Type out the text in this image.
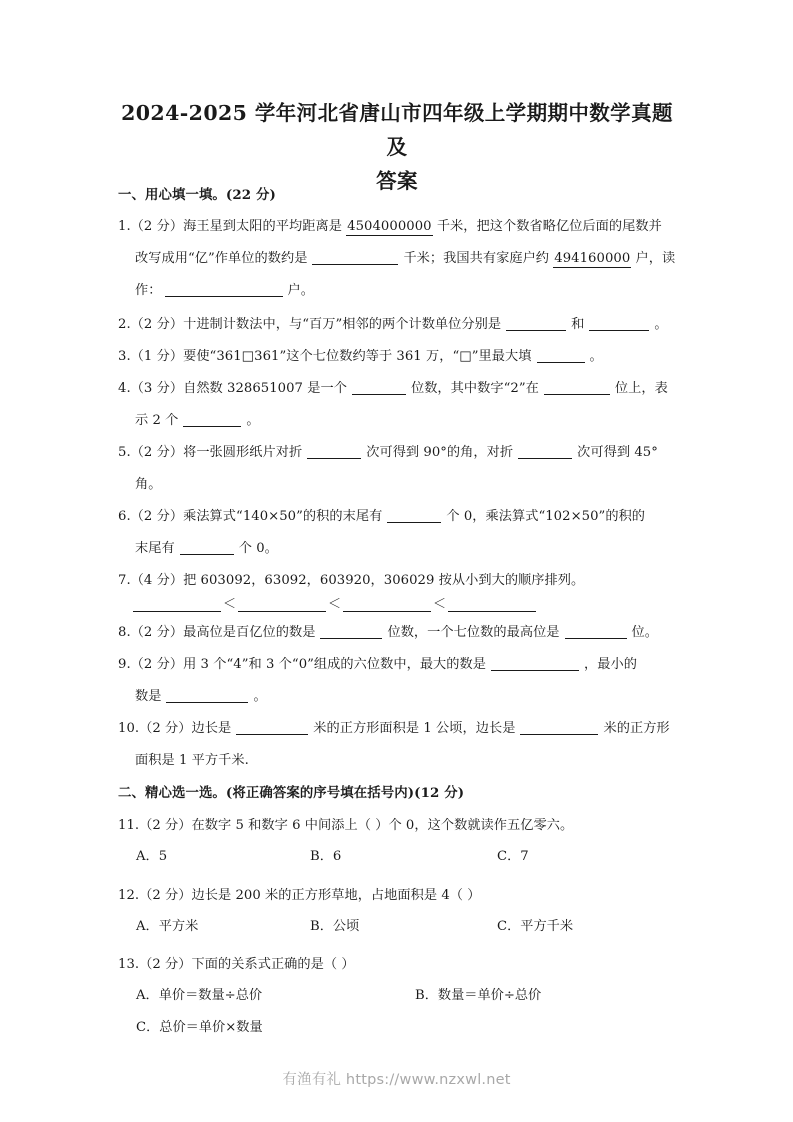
2024-2025 学年河北省唐山市四年级上学期期中数学真题及
答案
一、用心填一填。(22 分)
1.（2 分）海王星到太阳的平均距离是 4504000000 千米，把这个数省略亿位后面的尾数并
改写成用“亿”作单位的数约是	千米；我国共有家庭户约 494160000 户，读
作：	户。
2.（2 分）十进制计数法中，与“百万”相邻的两个计数单位分别是	和	。
3.（1 分）要使“361□361”这个七位数约等于 361 万，“□”里最大填	。
4.（3 分）自然数 328651007 是一个	位数，其中数字“2”在	位上，表
示 2 个	。
5.（2 分）将一张圆形纸片对折	次可得到 90°的角，对折	次可得到 45°
角。
6.（2 分）乘法算式“140×50”的积的末尾有	个 0，乘法算式“102×50”的积的
末尾有	个 0。
7.（4 分）把 603092，63092，603920，306029 按从小到大的顺序排列。
＜	＜	＜
8.（2 分）最高位是百亿位的数是	位数，一个七位数的最高位是	位。
9.（2 分）用 3 个“4”和 3 个“0”组成的六位数中，最大的数是	，最小的
数是	。
10.（2 分）边长是	米的正方形面积是 1 公顷，边长是	米的正方形
面积是 1 平方千米.
二、精心选一选。(将正确答案的序号填在括号内)(12 分)
11.（2 分）在数字 5 和数字 6 中间添上（ ）个 0，这个数就读作五亿零六。
A．5	B．6	C．7
12.（2 分）边长是 200 米的正方形草地，占地面积是 4（ ）
A．平方米	B．公顷	C．平方千米
13.（2 分）下面的关系式正确的是（ ）
A．单价＝数量÷总价	B．数量＝单价÷总价
C．总价＝单价×数量
有渔有礼 https://www.nzxwl.net
